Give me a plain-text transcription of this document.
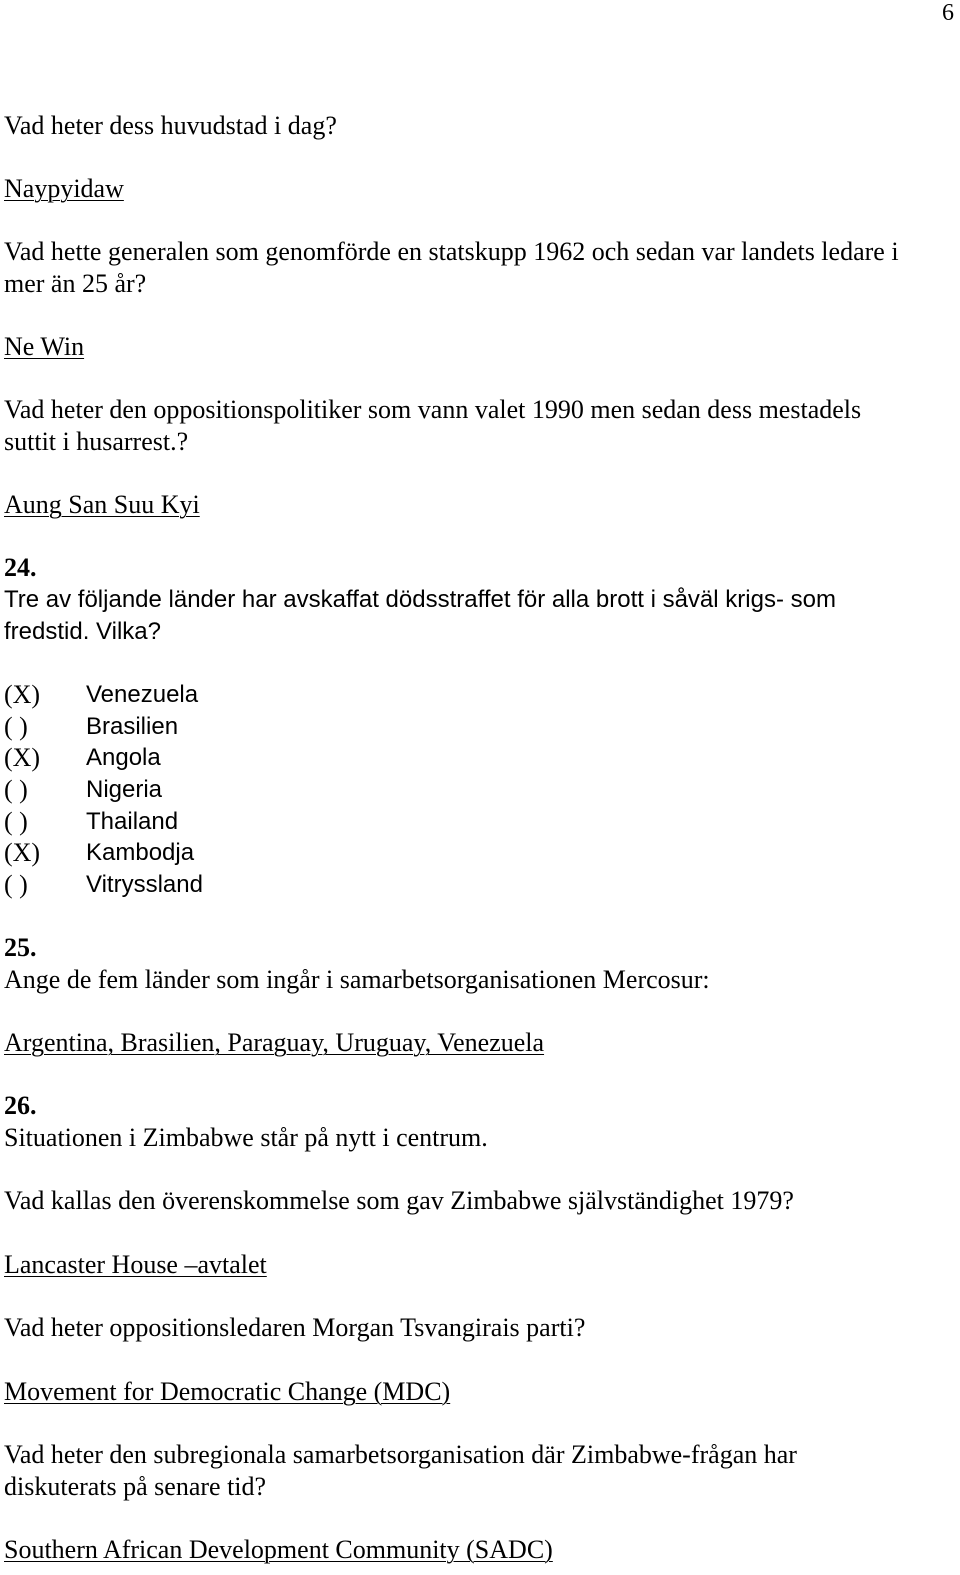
6
Vad heter dess huvudstad i dag?
Naypyidaw
Vad hette generalen som genomförde en statskupp 1962 och sedan var landets ledare i
mer än 25 år?
Ne Win
Vad heter den oppositionspolitiker som vann valet 1990 men sedan dess mestadels
suttit i husarrest.?
Aung San Suu Kyi
24.
Tre av följande länder har avskaffat dödsstraffet för alla brott i såväl krigs- som
fredstid. Vilka?
(X)	Venezuela
( )	Brasilien
(X)	Angola
( )	Nigeria
( )	Thailand
(X)	Kambodja
( )	Vitryssland
25.
Ange de fem länder som ingår i samarbetsorganisationen Mercosur:
Argentina, Brasilien, Paraguay, Uruguay, Venezuela
26.
Situationen i Zimbabwe står på nytt i centrum.
Vad kallas den överenskommelse som gav Zimbabwe självständighet 1979?
Lancaster House –avtalet
Vad heter oppositionsledaren Morgan Tsvangirais parti?
Movement for Democratic Change (MDC)
Vad heter den subregionala samarbetsorganisation där Zimbabwe-frågan har
diskuterats på senare tid?
Southern African Development Community (SADC)
